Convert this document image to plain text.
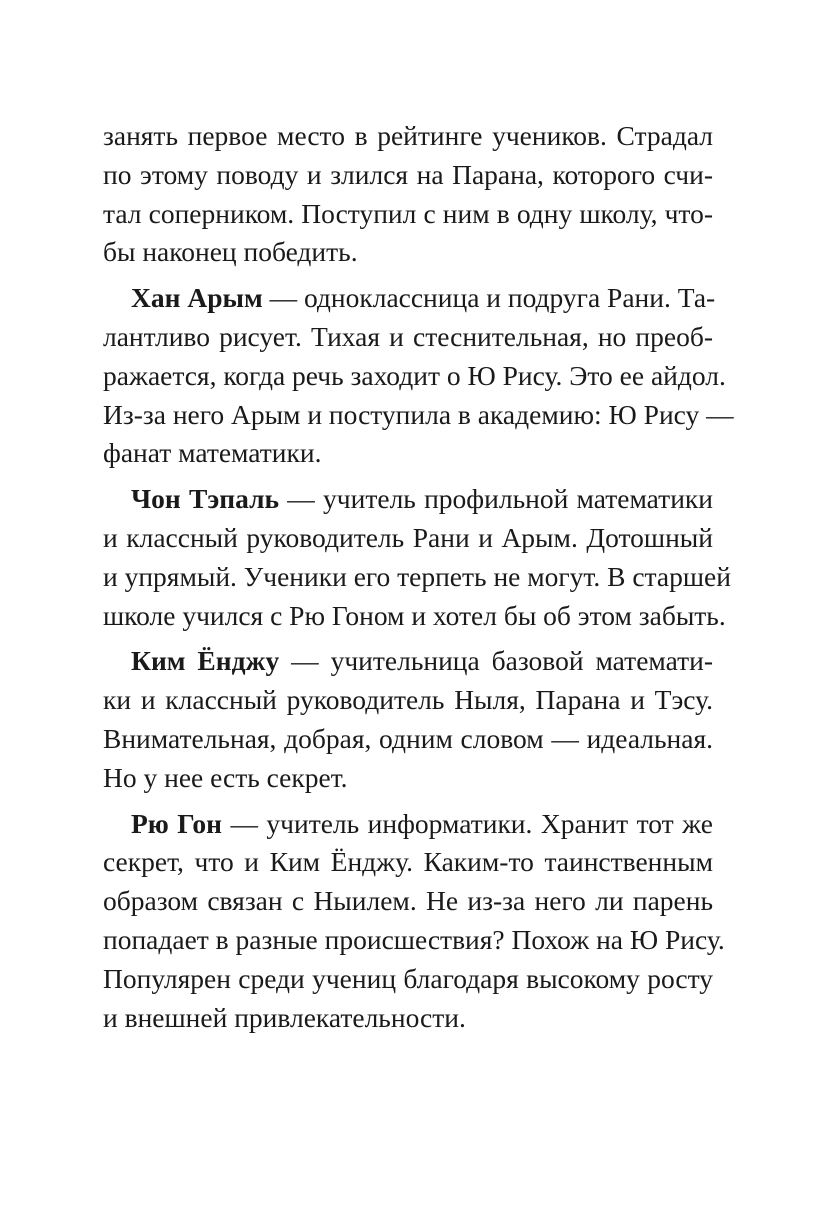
занять первое место в рейтинге учеников. Страдал
по этому поводу и злился на Парана, которого счи-
тал соперником. Поступил с ним в одну школу, что-
бы наконец победить.
Хан Арым — одноклассница и подруга Рани. Та-
лантливо рисует. Тихая и стеснительная, но преоб-
ражается, когда речь заходит о Ю Рису. Это ее айдол.
Из-за него Арым и поступила в академию: Ю Рису —
фанат математики.
Чон Тэпаль — учитель профильной математики
и классный руководитель Рани и Арым. Дотошный
и упрямый. Ученики его терпеть не могут. В старшей
школе учился с Рю Гоном и хотел бы об этом забыть.
Ким Ёнджу — учительница базовой математи-
ки и классный руководитель Ныля, Парана и Тэсу.
Внимательная, добрая, одним словом — идеальная.
Но у нее есть секрет.
Рю Гон — учитель информатики. Хранит тот же
секрет, что и Ким Ёнджу. Каким-то таинственным
образом связан с Ныилем. Не из-за него ли парень
попадает в разные происшествия? Похож на Ю Рису.
Популярен среди учениц благодаря высокому росту
и внешней привлекательности.
